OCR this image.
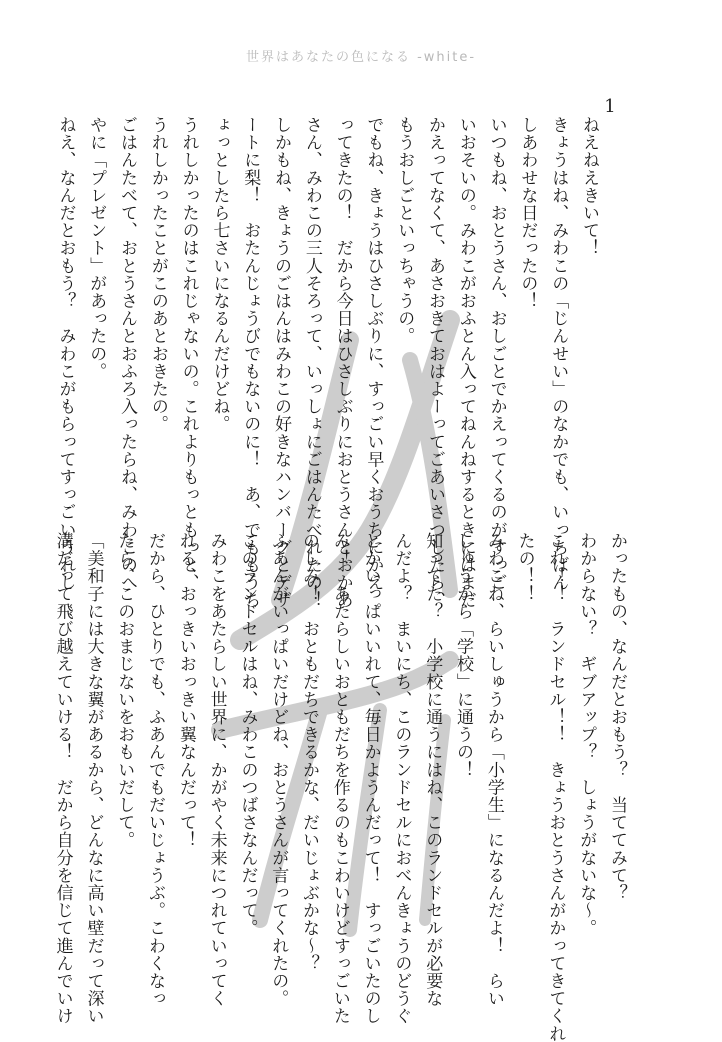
世界はあなたの色になる -white-
1
ねえねえきいて！
きょうはね、みわこの「じんせい」のなかでも、いっちばん
しあわせな日だったの！
いつもね、おとうさん、おしごとでかえってくるのがすっご
いおそいの。みわこがおふとん入ってねんねするときにはまだ
かえってなくて、あさおきておはよーってごあいさつしたら、
もうおしごといっちゃうの。
でもね、きょうはひさしぶりに、すっごい早くおうちにかえ
ってきたの！　だから今日はひさしぶりにおとうさんとおかあ
さん、みわこの三人そろって、いっしょにごはんたべれたの！
しかもね、きょうのごはんはみわこの好きなハンバーグとデザ
ートに梨！　おたんじょうびでもないのに！　あ、でももうち
ょっとしたら七さいになるんだけどね。
うれしかったのはこれじゃないの。これよりもっともっと、
うれしかったことがこのあとおきたの。
ごはんたべて、おとうさんとおふろ入ったらね、みわこのへ
やに「プレゼント」があったの。
ねえ、なんだとおもう？　みわこがもらってすっごいうれし
かったもの、なんだとおもう？　当ててみて？
わからない？　ギブアップ？　しょうがないな～。
これ！！　ランドセル！！　きょうおとうさんがかってきてくれ
たの！！
みわこね、らいしゅうから「小学生」になるんだよ！　らい
しゅうから「学校」に通うの！
知ってた？　小学校に通うにはね、このランドセルが必要な
んだよ？　まいにち、このランドセルにおべんきょうのどうぐ
とかいっぱいいれて、毎日かようんだって！　すっごいたのし
み！　あたらしいおともだちを作るのもこわいけどすっごいた
のしみ！　おともだちできるかな、だいじょぶかな～？
ふあんがいっぱいだけどね、おとうさんが言ってくれたの。
このランドセルはね、みわこのつばさなんだって。
みわこをあたらしい世界に、かがやく未来につれていってく
れる、おっきいおっきい翼なんだって！
だから、ひとりでも、ふあんでもだいじょうぶ。こわくなっ
たら、このおまじないをおもいだして。
「美和子には大きな翼があるから、どんなに高い壁だって深い
溝だって飛び越えていける！　だから自分を信じて進んでいけ
